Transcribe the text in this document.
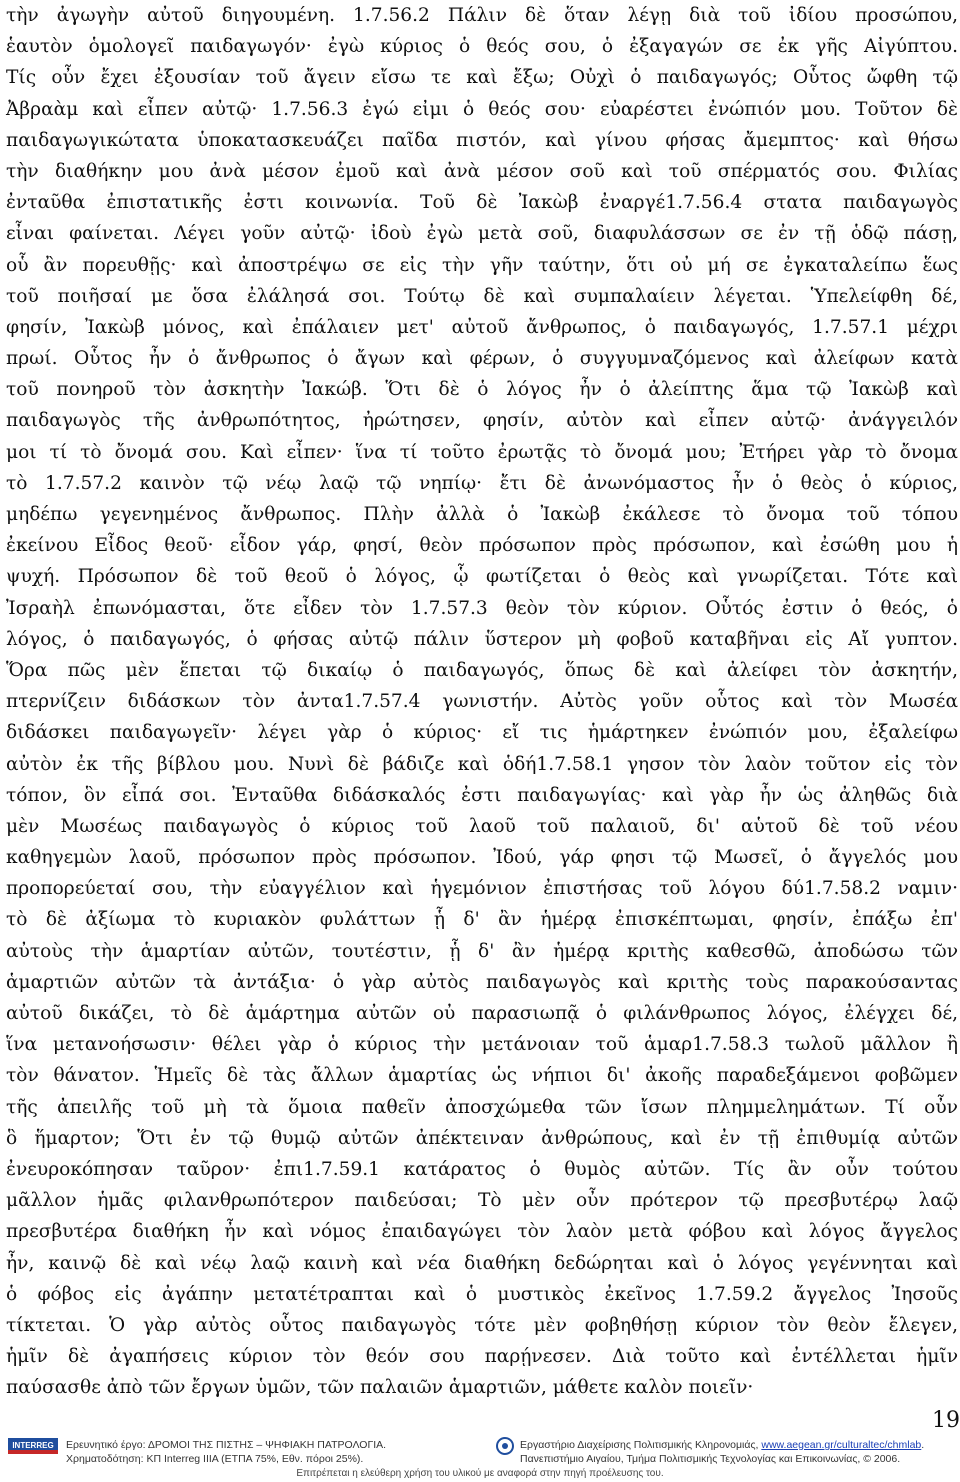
τὴν ἀγωγὴν αὐτοῦ διηγουμένη. 1.7.56.2 Πάλιν δὲ ὅταν λέγῃ διὰ τοῦ ἰδίου προσώπου,
ἑαυτὸν ὁμολογεῖ παιδαγωγόν· ἐγὼ κύριος ὁ θεός σου, ὁ ἐξαγαγών σε ἐκ γῆς Αἰγύπτου.
Τίς οὖν ἔχει ἐξουσίαν τοῦ ἄγειν εἴσω τε καὶ ἔξω; Οὐχὶ ὁ παιδαγωγός; Οὗτος ὤφθη τῷ
Ἀβραὰμ καὶ εἶπεν αὐτῷ· 1.7.56.3 ἐγώ εἰμι ὁ θεός σου· εὐαρέστει ἐνώπιόν μου. Τοῦτον δὲ
παιδαγωγικώτατα ὑποκατασκευάζει παῖδα πιστόν, καὶ γίνου φήσας ἄμεμπτος· καὶ θήσω
τὴν διαθήκην μου ἀνὰ μέσον ἐμοῦ καὶ ἀνὰ μέσον σοῦ καὶ τοῦ σπέρματός σου. Φιλίας
ἐνταῦθα ἐπιστατικῆς ἐστι κοινωνία. Τοῦ δὲ Ἰακὼβ ἐναργέ1.7.56.4 στατα παιδαγωγὸς
εἶναι φαίνεται. Λέγει γοῦν αὐτῷ· ἰδοὺ ἐγὼ μετὰ σοῦ, διαφυλάσσων σε ἐν τῇ ὁδῷ πάσῃ,
οὗ ἂν πορευθῇς· καὶ ἀποστρέψω σε εἰς τὴν γῆν ταύτην, ὅτι οὐ μή σε ἐγκαταλείπω ἕως
τοῦ ποιῆσαί με ὅσα ἐλάλησά σοι. Τούτῳ δὲ καὶ συμπαλαίειν λέγεται. Ὑπελείφθη δέ,
φησίν, Ἰακὼβ μόνος, καὶ ἐπάλαιεν μετ' αὐτοῦ ἄνθρωπος, ὁ παιδαγωγός, 1.7.57.1 μέχρι
πρωί. Οὗτος ἦν ὁ ἄνθρωπος ὁ ἄγων καὶ φέρων, ὁ συγγυμναζόμενος καὶ ἀλείφων κατὰ
τοῦ πονηροῦ τὸν ἀσκητὴν Ἰακώβ. Ὅτι δὲ ὁ λόγος ἦν ὁ ἀλείπτης ἅμα τῷ Ἰακὼβ καὶ
παιδαγωγὸς τῆς ἀνθρωπότητος, ἠρώτησεν, φησίν, αὐτὸν καὶ εἶπεν αὐτῷ· ἀνάγγειλόν
μοι τί τὸ ὄνομά σου. Καὶ εἶπεν· ἵνα τί τοῦτο ἐρωτᾷς τὸ ὄνομά μου; Ἐτήρει γὰρ τὸ ὄνομα
τὸ 1.7.57.2 καινὸν τῷ νέῳ λαῷ τῷ νηπίῳ· ἔτι δὲ ἀνωνόμαστος ἦν ὁ θεὸς ὁ κύριος,
μηδέπω γεγενημένος ἄνθρωπος. Πλὴν ἀλλὰ ὁ Ἰακὼβ ἐκάλεσε τὸ ὄνομα τοῦ τόπου
ἐκείνου Εἶδος θεοῦ· εἶδον γάρ, φησί, θεὸν πρόσωπον πρὸς πρόσωπον, καὶ ἐσώθη μου ἡ
ψυχή. Πρόσωπον δὲ τοῦ θεοῦ ὁ λόγος, ᾧ φωτίζεται ὁ θεὸς καὶ γνωρίζεται. Τότε καὶ
Ἰσραὴλ ἐπωνόμασται, ὅτε εἶδεν τὸν 1.7.57.3 θεὸν τὸν κύριον. Οὗτός ἐστιν ὁ θεός, ὁ
λόγος, ὁ παιδαγωγός, ὁ φήσας αὐτῷ πάλιν ὕστερον μὴ φοβοῦ καταβῆναι εἰς Αἴ γυπτον.
Ὅρα πῶς μὲν ἕπεται τῷ δικαίῳ ὁ παιδαγωγός, ὅπως δὲ καὶ ἀλείφει τὸν ἀσκητήν,
πτερνίζειν διδάσκων τὸν ἀντα1.7.57.4 γωνιστήν. Αὐτὸς γοῦν οὗτος καὶ τὸν Μωσέα
διδάσκει παιδαγωγεῖν· λέγει γὰρ ὁ κύριος· εἴ τις ἡμάρτηκεν ἐνώπιόν μου, ἐξαλείφω
αὐτὸν ἐκ τῆς βίβλου μου. Νυνὶ δὲ βάδιζε καὶ ὁδή1.7.58.1 γησον τὸν λαὸν τοῦτον εἰς τὸν
τόπον, ὃν εἶπά σοι. Ἐνταῦθα διδάσκαλός ἐστι παιδαγωγίας· καὶ γὰρ ἦν ὡς ἀληθῶς διὰ
μὲν Μωσέως παιδαγωγὸς ὁ κύριος τοῦ λαοῦ τοῦ παλαιοῦ, δι' αὑτοῦ δὲ τοῦ νέου
καθηγεμὼν λαοῦ, πρόσωπον πρὸς πρόσωπον. Ἰδού, γάρ φησι τῷ Μωσεῖ, ὁ ἄγγελός μου
προπορεύεταί σου, τὴν εὐαγγέλιον καὶ ἡγεμόνιον ἐπιστήσας τοῦ λόγου δύ1.7.58.2 ναμιν·
τὸ δὲ ἀξίωμα τὸ κυριακὸν φυλάττων ᾗ δ' ἂν ἡμέρᾳ ἐπισκέπτωμαι, φησίν, ἐπάξω ἐπ'
αὐτοὺς τὴν ἁμαρτίαν αὐτῶν, τουτέστιν, ᾗ δ' ἂν ἡμέρᾳ κριτὴς καθεσθῶ, ἀποδώσω τῶν
ἁμαρτιῶν αὐτῶν τὰ ἀντάξια· ὁ γὰρ αὐτὸς παιδαγωγὸς καὶ κριτὴς τοὺς παρακούσαντας
αὐτοῦ δικάζει, τὸ δὲ ἁμάρτημα αὐτῶν οὐ παρασιωπᾷ ὁ φιλάνθρωπος λόγος, ἐλέγχει δέ,
ἵνα μετανοήσωσιν· θέλει γὰρ ὁ κύριος τὴν μετάνοιαν τοῦ ἁμαρ1.7.58.3 τωλοῦ μᾶλλον ἢ
τὸν θάνατον. Ἡμεῖς δὲ τὰς ἄλλων ἁμαρτίας ὡς νήπιοι δι' ἀκοῆς παραδεξάμενοι φοβῶμεν
τῆς ἀπειλῆς τοῦ μὴ τὰ ὅμοια παθεῖν ἀποσχώμεθα τῶν ἴσων πλημμελημάτων. Τί οὖν
ὃ ἥμαρτον; Ὅτι ἐν τῷ θυμῷ αὐτῶν ἀπέκτειναν ἀνθρώπους, καὶ ἐν τῇ ἐπιθυμίᾳ αὐτῶν
ἐνευροκόπησαν ταῦρον· ἐπι1.7.59.1 κατάρατος ὁ θυμὸς αὐτῶν. Τίς ἂν οὖν τούτου
μᾶλλον ἡμᾶς φιλανθρωπότερον παιδεύσαι; Τὸ μὲν οὖν πρότερον τῷ πρεσβυτέρῳ λαῷ
πρεσβυτέρα διαθήκη ἦν καὶ νόμος ἐπαιδαγώγει τὸν λαὸν μετὰ φόβου καὶ λόγος ἄγγελος
ἦν, καινῷ δὲ καὶ νέῳ λαῷ καινὴ καὶ νέα διαθήκη δεδώρηται καὶ ὁ λόγος γεγέννηται καὶ
ὁ φόβος εἰς ἀγάπην μετατέτραπται καὶ ὁ μυστικὸς ἐκεῖνος 1.7.59.2 ἄγγελος Ἰησοῦς
τίκτεται. Ὁ γὰρ αὐτὸς οὗτος παιδαγωγὸς τότε μὲν φοβηθήσῃ κύριον τὸν θεὸν ἔλεγεν,
ἡμῖν δὲ ἀγαπήσεις κύριον τὸν θεόν σου παρῄνεσεν. Διὰ τοῦτο καὶ ἐντέλλεται ἡμῖν
παύσασθε ἀπὸ τῶν ἔργων ὑμῶν, τῶν παλαιῶν ἁμαρτιῶν, μάθετε καλὸν ποιεῖν·
19
INTERREG Ερευνητικό έργο: ΔΡΟΜΟΙ ΤΗΣ ΠΙΣΤΗΣ – ΨΗΦΙΑΚΗ ΠΑΤΡΟΛΟΓΙΑ.
Χρηματοδότηση: ΚΠ Interreg IIIA (ΕΤΠΑ 75%, Εθν. πόροι 25%).
Εργαστήριο Διαχείρισης Πολιτισμικής Κληρονομιάς, www.aegean.gr/culturaltec/chmlab.
Πανεπιστήμιο Αιγαίου, Τμήμα Πολιτισμικής Τεχνολογίας και Επικοινωνίας, © 2006.
Επιτρέπεται η ελεύθερη χρήση του υλικού με αναφορά στην πηγή προέλευσης του.
